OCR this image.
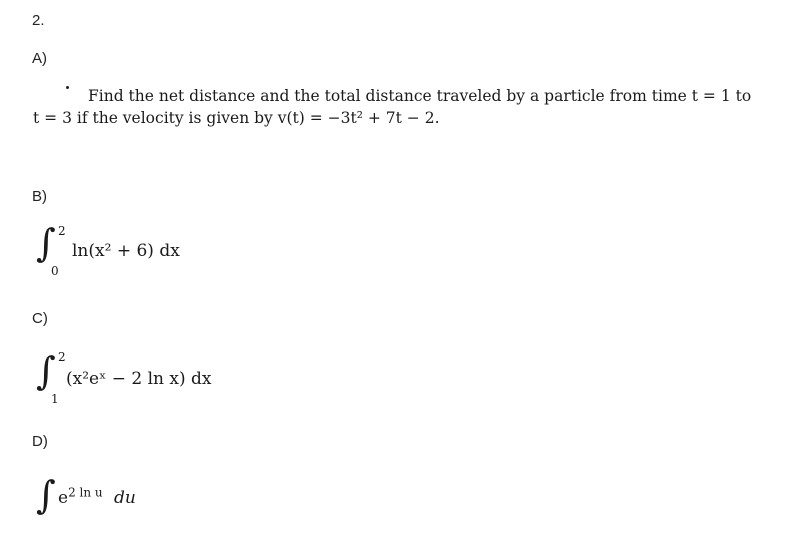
2.
A)
Find the net distance and the total distance traveled by a particle from time t = 1 to
t = 3 if the velocity is given by v(t) = −3t² + 7t − 2.
B)
∫ 2
0
ln(x² + 6) dx
C)
∫ 2
1
(x²eˣ − 2 ln x) dx
D)
∫ $e^{2 ln u}$ du
